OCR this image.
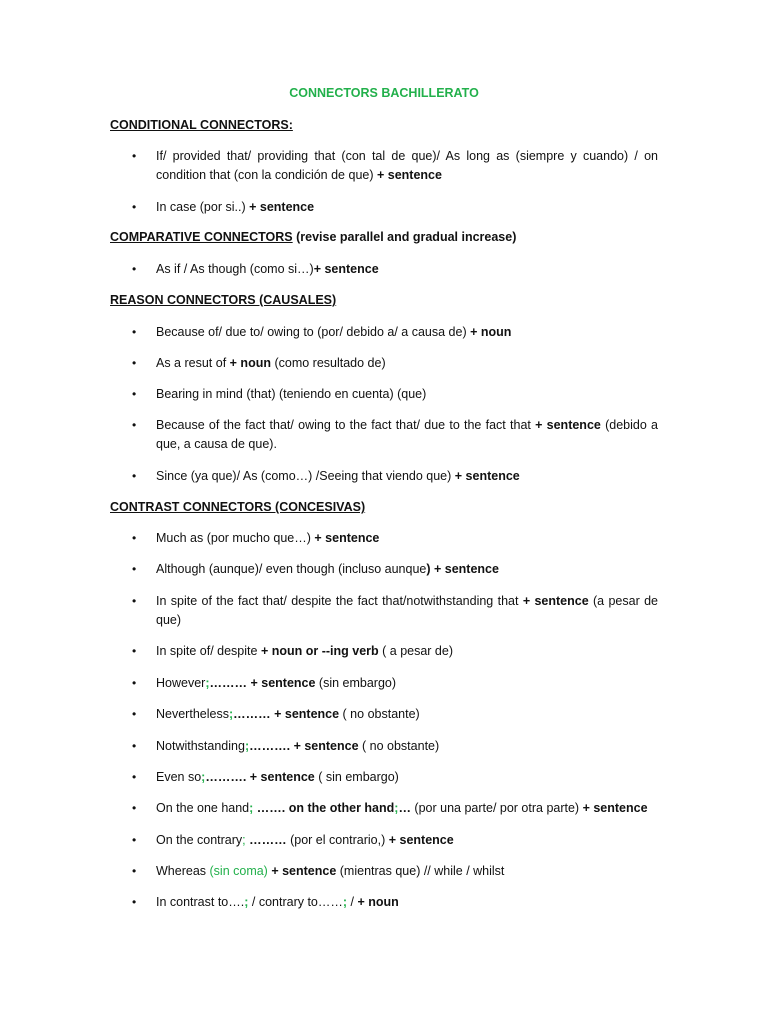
CONNECTORS BACHILLERATO
CONDITIONAL CONNECTORS:
• If/ provided that/ providing that (con tal de que)/ As long as (siempre y cuando) / on condition that (con la condición de que) + sentence
• In case (por si..) + sentence
COMPARATIVE CONNECTORS (revise parallel and gradual increase)
• As if / As though (como si…)+ sentence
REASON CONNECTORS (CAUSALES)
• Because of/ due to/ owing to (por/ debido a/ a causa de) + noun
• As a resut of + noun (como resultado de)
• Bearing in mind (that) (teniendo en cuenta) (que)
• Because of the fact that/ owing to the fact that/ due to the fact that + sentence (debido a que, a causa de que).
• Since (ya que)/ As (como…) /Seeing that viendo que) + sentence
CONTRAST CONNECTORS (CONCESIVAS)
• Much as (por mucho que…) + sentence
• Although (aunque)/ even though (incluso aunque) + sentence
• In spite of the fact that/ despite the fact that/notwithstanding that + sentence (a pesar de que)
• In spite of/ despite + noun or --ing verb ( a pesar de)
• However;……… + sentence (sin embargo)
• Nevertheless;……… + sentence ( no obstante)
• Notwithstanding;………. + sentence ( no obstante)
• Even so;………. + sentence ( sin embargo)
• On the one hand; ……. on the other hand;… (por una parte/ por otra parte) + sentence
• On the contrary; ……… (por el contrario,) + sentence
• Whereas (sin coma) + sentence (mientras que) // while / whilst
• In contrast to….; / contrary to……; / + noun
